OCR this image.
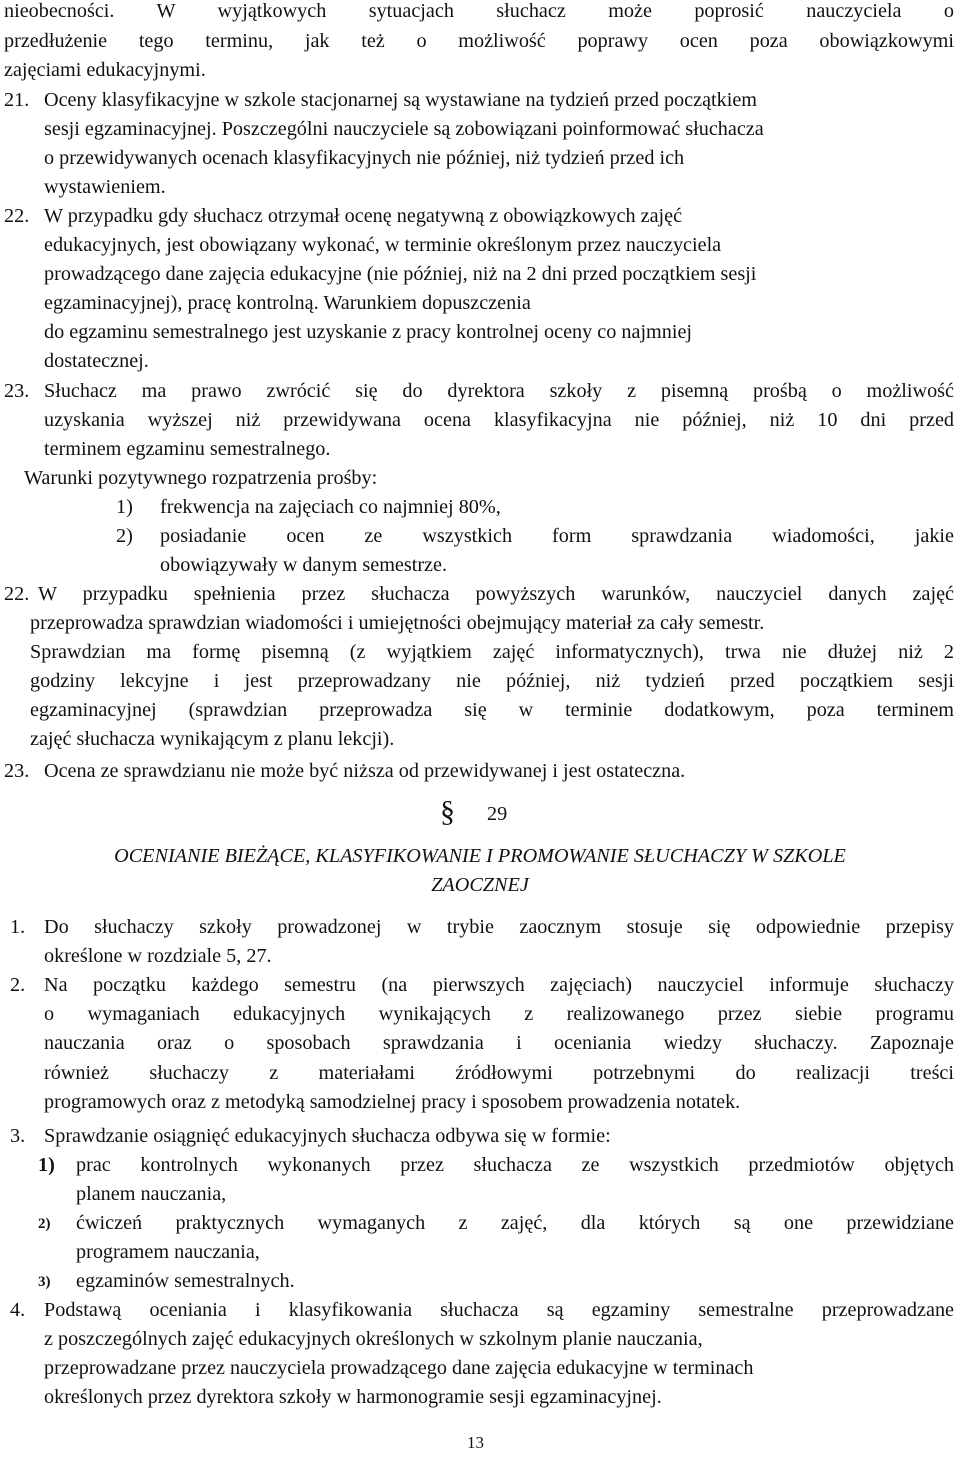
nieobecności. W wyjątkowych sytuacjach słuchacz może poprosić nauczyciela o
przedłużenie tego terminu, jak też o możliwość poprawy ocen poza obowiązkowymi
zajęciami edukacyjnymi.
21. Oceny klasyfikacyjne w szkole stacjonarnej są wystawiane na tydzień przed początkiem
sesji egzaminacyjnej. Poszczególni nauczyciele są zobowiązani poinformować słuchacza
o przewidywanych ocenach klasyfikacyjnych nie później, niż tydzień przed ich
wystawieniem.
22. W przypadku gdy słuchacz otrzymał ocenę negatywną z obowiązkowych zajęć
edukacyjnych, jest obowiązany wykonać, w terminie określonym przez nauczyciela
prowadzącego dane zajęcia edukacyjne (nie później, niż na 2 dni przed początkiem sesji
egzaminacyjnej), pracę kontrolną. Warunkiem dopuszczenia
do egzaminu semestralnego jest uzyskanie z pracy kontrolnej oceny co najmniej
dostatecznej.
23. Słuchacz ma prawo zwrócić się do dyrektora szkoły z pisemną prośbą o możliwość
uzyskania wyższej niż przewidywana ocena klasyfikacyjna nie później, niż 10 dni przed
terminem egzaminu semestralnego.
Warunki pozytywnego rozpatrzenia prośby:
1) frekwencja na zajęciach co najmniej 80%,
2) posiadanie ocen ze wszystkich form sprawdzania wiadomości, jakie
obowiązywały w danym semestrze.
22. W przypadku spełnienia przez słuchacza powyższych warunków, nauczyciel danych zajęć
przeprowadza sprawdzian wiadomości i umiejętności obejmujący materiał za cały semestr.
Sprawdzian ma formę pisemną (z wyjątkiem zajęć informatycznych), trwa nie dłużej niż 2
godziny lekcyjne i jest przeprowadzany nie później, niż tydzień przed początkiem sesji
egzaminacyjnej (sprawdzian przeprowadza się w terminie dodatkowym, poza terminem
zajęć słuchacza wynikającym z planu lekcji).
23. Ocena ze sprawdzianu nie może być niższa od przewidywanej i jest ostateczna.
§ 29
OCENIANIE BIEŻĄCE, KLASYFIKOWANIE I PROMOWANIE SŁUCHACZY W SZKOLE
ZAOCZNEJ
1. Do słuchaczy szkoły prowadzonej w trybie zaocznym stosuje się odpowiednie przepisy
określone w rozdziale 5, 27.
2. Na początku każdego semestru (na pierwszych zajęciach) nauczyciel informuje słuchaczy
o wymaganiach edukacyjnych wynikających z realizowanego przez siebie programu
nauczania oraz o sposobach sprawdzania i oceniania wiedzy słuchaczy. Zapoznaje
również słuchaczy z materiałami źródłowymi potrzebnymi do realizacji treści
programowych oraz z metodyką samodzielnej pracy i sposobem prowadzenia notatek.
3. Sprawdzanie osiągnięć edukacyjnych słuchacza odbywa się w formie:
1) prac kontrolnych wykonanych przez słuchacza ze wszystkich przedmiotów objętych
planem nauczania,
2) ćwiczeń praktycznych wymaganych z zajęć, dla których są one przewidziane
programem nauczania,
3) egzaminów semestralnych.
4. Podstawą oceniania i klasyfikowania słuchacza są egzaminy semestralne przeprowadzane
z poszczególnych zajęć edukacyjnych określonych w szkolnym planie nauczania,
przeprowadzane przez nauczyciela prowadzącego dane zajęcia edukacyjne w terminach
określonych przez dyrektora szkoły w harmonogramie sesji egzaminacyjnej.
13
